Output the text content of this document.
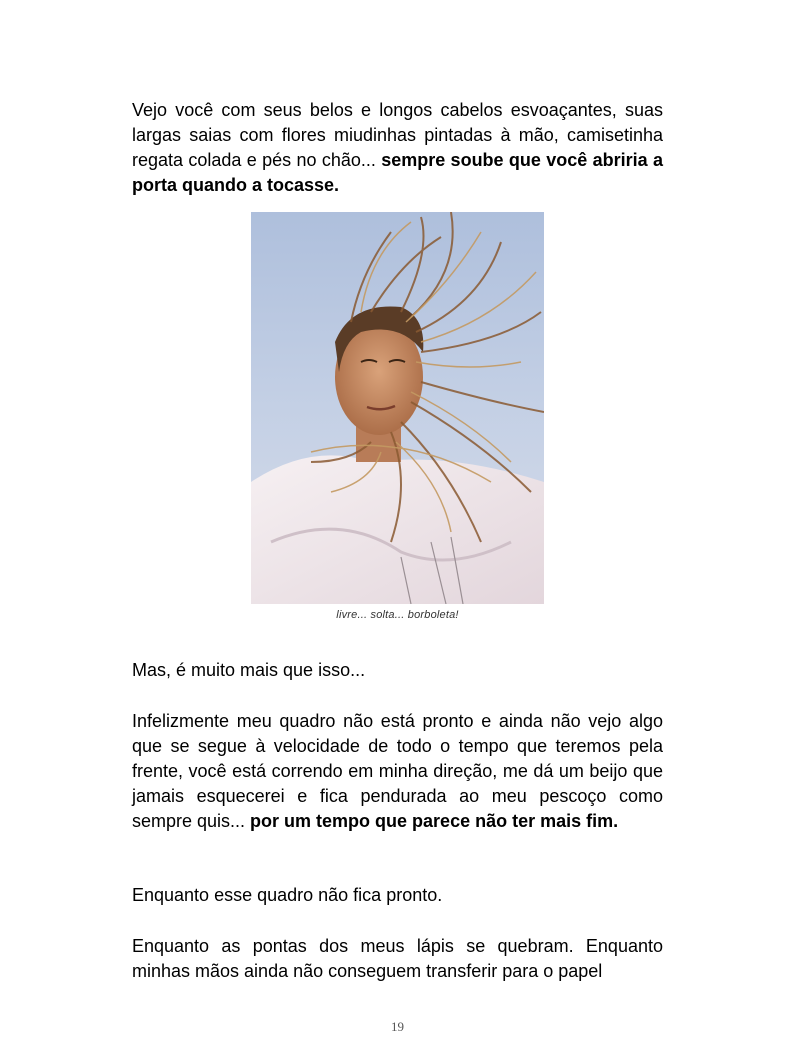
Vejo você com seus belos e longos cabelos esvoaçantes, suas largas saias com flores miudinhas pintadas à mão, camisetinha regata colada e pés no chão... sempre soube que você abriria a porta quando a tocasse.

livre... solta... borboleta!

Mas, é muito mais que isso...

Infelizmente meu quadro não está pronto e ainda não vejo algo que se segue à velocidade de todo o tempo que teremos pela frente, você está correndo em minha direção, me dá um beijo que jamais esquecerei e fica pendurada ao meu pescoço como sempre quis... por um tempo que parece não ter mais fim.

Enquanto esse quadro não fica pronto.

Enquanto as pontas dos meus lápis se quebram. Enquanto minhas mãos ainda não conseguem transferir para o papel

19
